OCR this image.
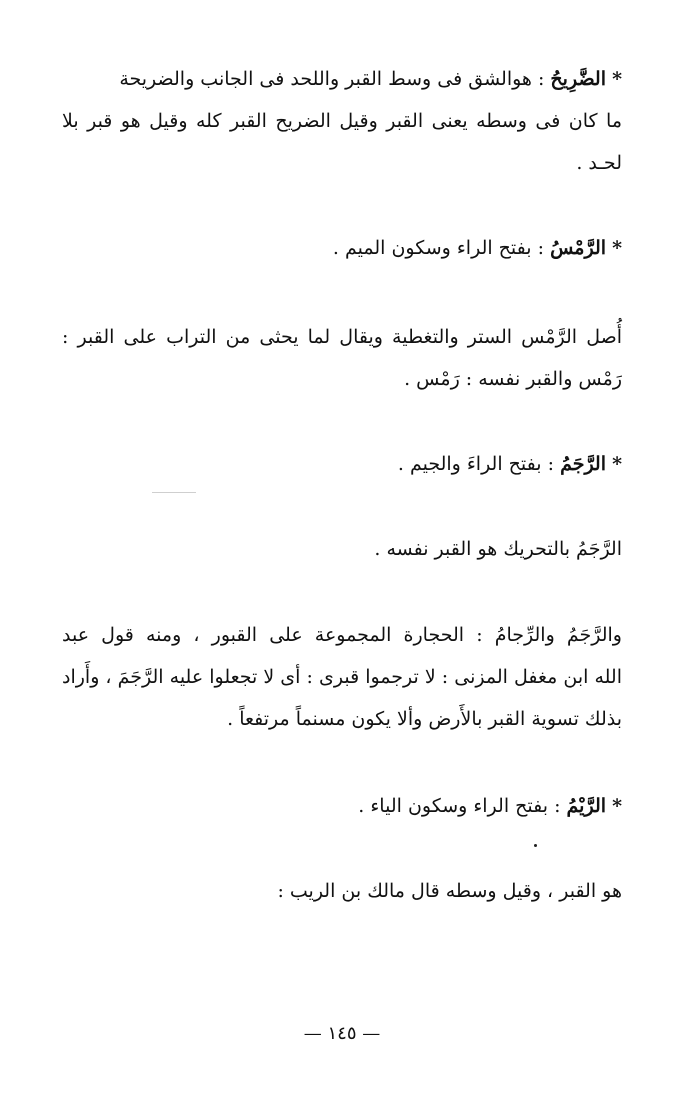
* الضَّرِيحُ : هوالشق فى وسط القبر واللحد فى الجانب والضريحة
ما كان فى وسطه يعنى القبر وقيل الضريح القبر كله وقيل هو قبر بلا
لحـد .
* الرَّمْسُ : بفتح الراء وسكون الميم .
أُصل الرَّمْس الستر والتغطية ويقال لما يحثى من التراب على القبر :
رَمْس والقبر نفسه : رَمْس .
* الرَّجَمُ : بفتح الراءَ والجيم .
الرَّجَمُ بالتحريك هو القبر نفسه .
والرَّجَمُ والرِّجامُ : الحجارة المجموعة على القبور ، ومنه قول عبد
الله ابن مغفل المزنى : لا ترجموا قبرى : أى لا تجعلوا عليه الرَّجَمَ ، وأَراد
بذلك تسوية القبر بالأَرض وألا يكون مسنماً مرتفعاً .
* الرَّيْمُ : بفتح الراء وسكون الياء .
هو القبر ، وقيل وسطه قال مالك بن الريب :
— ١٤٥ —
